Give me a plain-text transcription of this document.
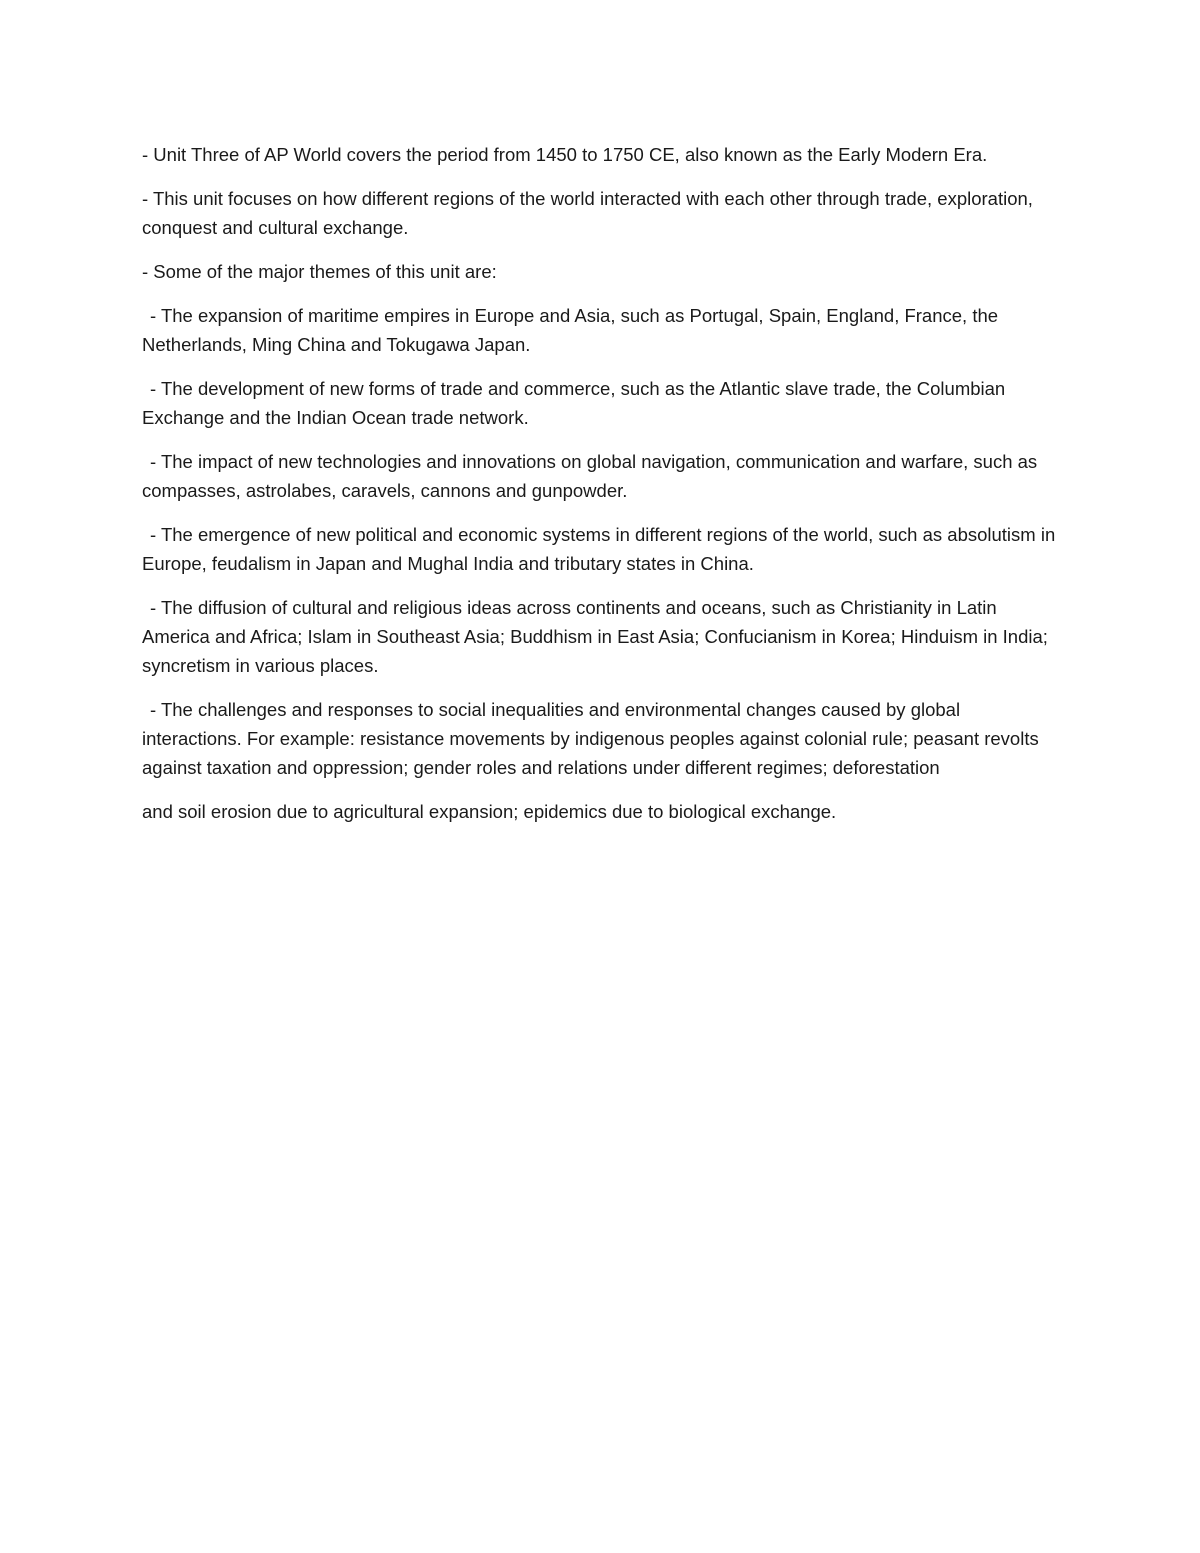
- Unit Three of AP World covers the period from 1450 to 1750 CE, also known as the Early Modern Era.

- This unit focuses on how different regions of the world interacted with each other through trade, exploration, conquest and cultural exchange.

- Some of the major themes of this unit are:

- The expansion of maritime empires in Europe and Asia, such as Portugal, Spain, England, France, the Netherlands, Ming China and Tokugawa Japan.

- The development of new forms of trade and commerce, such as the Atlantic slave trade, the Columbian Exchange and the Indian Ocean trade network.

- The impact of new technologies and innovations on global navigation, communication and warfare, such as compasses, astrolabes, caravels, cannons and gunpowder.

- The emergence of new political and economic systems in different regions of the world, such as absolutism in Europe, feudalism in Japan and Mughal India and tributary states in China.

- The diffusion of cultural and religious ideas across continents and oceans, such as Christianity in Latin America and Africa; Islam in Southeast Asia; Buddhism in East Asia; Confucianism in Korea; Hinduism in India; syncretism in various places.

- The challenges and responses to social inequalities and environmental changes caused by global interactions. For example: resistance movements by indigenous peoples against colonial rule; peasant revolts against taxation and oppression; gender roles and relations under different regimes; deforestation

and soil erosion due to agricultural expansion; epidemics due to biological exchange.
